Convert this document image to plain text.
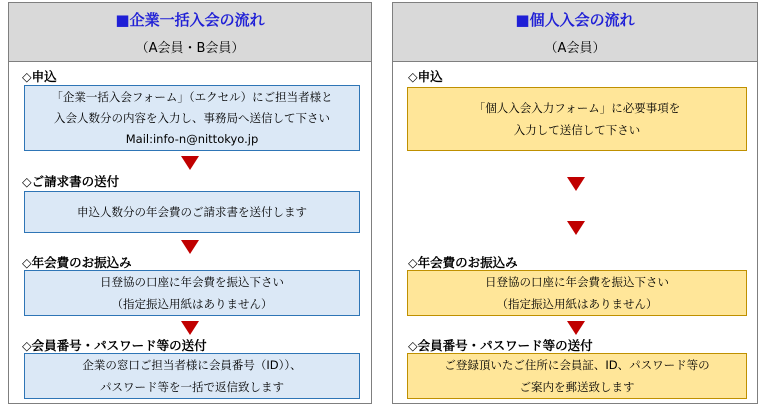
■企業一括入会の流れ
（A会員・B会員）
◇申込
「企業一括入会フォーム」（エクセル）にご担当者様と
入会人数分の内容を入力し、事務局へ送信して下さい
Mail:info-n@nittokyo.jp
◇ご請求書の送付
申込人数分の年会費のご請求書を送付します
◇年会費のお振込み
日登協の口座に年会費を振込下さい
（指定振込用紙はありません）
◇会員番号・パスワード等の送付
企業の窓口ご担当者様に会員番号（ID））、
パスワード等を一括で返信致します
■個人入会の流れ
（A会員）
◇申込
「個人入会入力フォーム」に必要事項を
入力して送信して下さい
◇年会費のお振込み
日登協の口座に年会費を振込下さい
（指定振込用紙はありません）
◇会員番号・パスワード等の送付
ご登録頂いたご住所に会員証、ID、パスワード等の
ご案内を郵送致します
